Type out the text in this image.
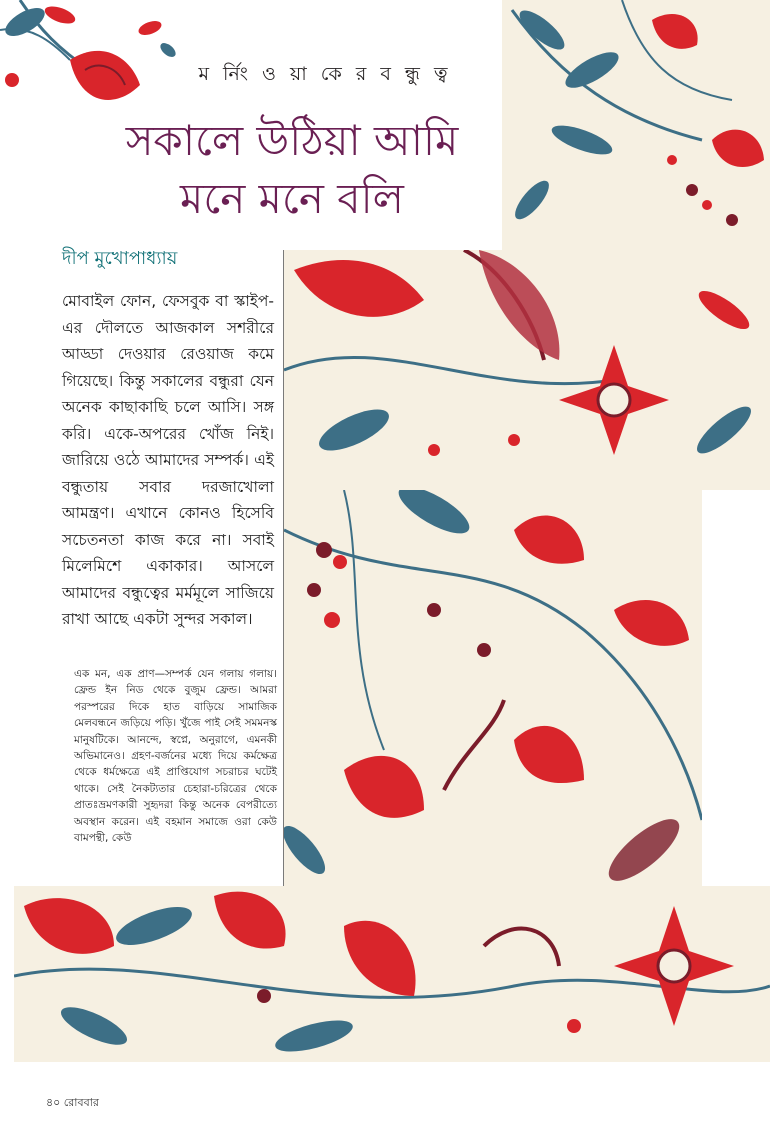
ম র্নিং ও য়া কে র ব ন্ধু ত্ব
সকালে উঠিয়া আমি
মনে মনে বলি
দীপ মুখোপাধ্যায়

মোবাইল ফোন, ফেসবুক বা স্কাইপ-এর দৌলতে আজকাল সশরীরে আড্ডা দেওয়ার রেওয়াজ কমে গিয়েছে। কিন্তু সকালের বন্ধুরা যেন অনেক কাছাকাছি চলে আসি। সঙ্গ করি। একে-অপরের খোঁজ নিই। জারিয়ে ওঠে আমাদের সম্পর্ক। এই বন্ধুতায় সবার দরজাখোলা আমন্ত্রণ। এখানে কোনও হিসেবি সচেতনতা কাজ করে না। সবাই মিলেমিশে একাকার। আসলে আমাদের বন্ধুত্বের মর্মমূলে সাজিয়ে রাখা আছে একটা সুন্দর সকাল।

এক মন, এক প্রাণ—সম্পর্ক যেন গলায় গলায়। ফ্রেন্ড ইন নিড থেকে বুজুম ফ্রেন্ড। আমরা পরস্পরের দিকে হাত বাড়িয়ে সামাজিক মেলবন্ধনে জড়িয়ে পড়ি। খুঁজে পাই সেই সমমনস্ক মানুষটিকে। আনন্দে, স্বপ্নে, অনুরাগে, এমনকী অভিমানেও। গ্রহণ-বর্জনের মধ্যে দিয়ে কর্মক্ষেত্র থেকে ধর্মক্ষেত্রে এই প্রাপ্তিযোগ সচরাচর ঘটেই থাকে। সেই নৈকট্যতার চেহারা-চরিত্রের থেকে প্রাতঃভ্রমণকারী সুহৃদরা কিন্তু অনেক বেপরীত্যে অবস্থান করেন। এই বহমান সমাজে ওরা কেউ বামপন্থী, কেউ

৪০ রোববার
